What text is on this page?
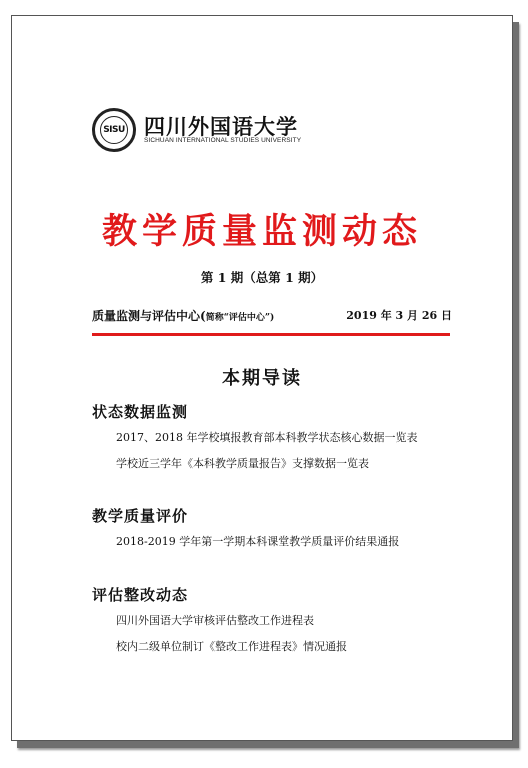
SISU 四川外国语大学
SICHUAN INTERNATIONAL STUDIES UNIVERSITY
教学质量监测动态
第 1 期（总第 1 期）
质量监测与评估中心(简称“评估中心”)	2019 年 3 月 26 日
本期导读
状态数据监测
2017、2018 年学校填报教育部本科教学状态核心数据一览表
学校近三学年《本科教学质量报告》支撑数据一览表
教学质量评价
2018-2019 学年第一学期本科课堂教学质量评价结果通报
评估整改动态
四川外国语大学审核评估整改工作进程表
校内二级单位制订《整改工作进程表》情况通报
